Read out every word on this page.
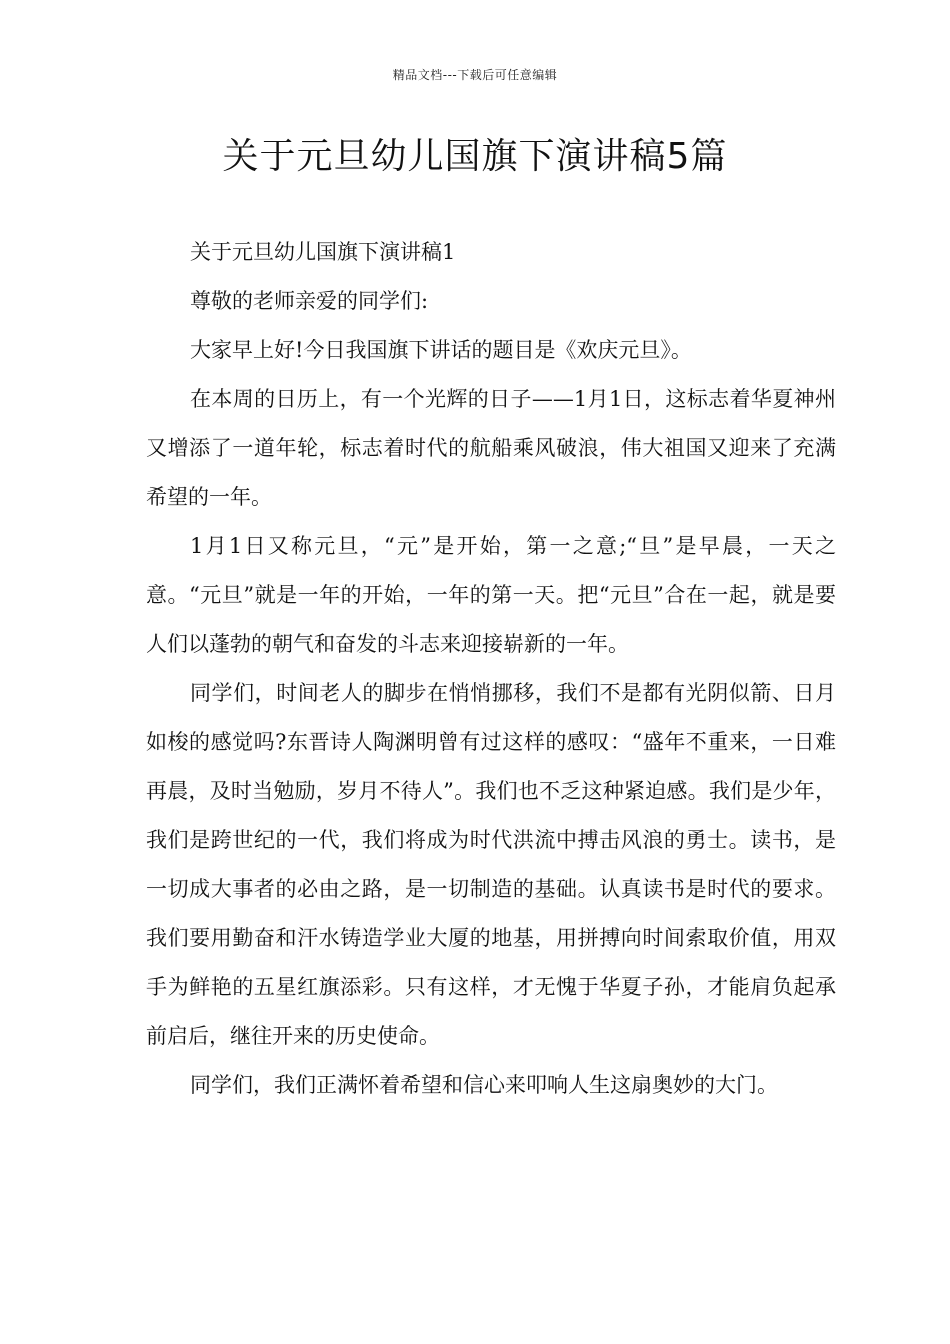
精品文档---下载后可任意编辑
关于元旦幼儿国旗下演讲稿5篇

关于元旦幼儿国旗下演讲稿1

尊敬的老师亲爱的同学们:

大家早上好!今日我国旗下讲话的题目是《欢庆元旦》。

在本周的日历上，有一个光辉的日子——1月1日，这标志着华夏神州又增添了一道年轮，标志着时代的航船乘风破浪，伟大祖国又迎来了充满希望的一年。

1月1日又称元旦，“元”是开始，第一之意;“旦”是早晨，一天之意。“元旦”就是一年的开始，一年的第一天。把“元旦”合在一起，就是要人们以蓬勃的朝气和奋发的斗志来迎接崭新的一年。

同学们，时间老人的脚步在悄悄挪移，我们不是都有光阴似箭、日月如梭的感觉吗?东晋诗人陶渊明曾有过这样的感叹：“盛年不重来，一日难再晨，及时当勉励，岁月不待人”。我们也不乏这种紧迫感。我们是少年，我们是跨世纪的一代，我们将成为时代洪流中搏击风浪的勇士。读书，是一切成大事者的必由之路，是一切制造的基础。认真读书是时代的要求。我们要用勤奋和汗水铸造学业大厦的地基，用拼搏向时间索取价值，用双手为鲜艳的五星红旗添彩。只有这样，才无愧于华夏子孙，才能肩负起承前启后，继往开来的历史使命。

同学们，我们正满怀着希望和信心来叩响人生这扇奥妙的大门。
